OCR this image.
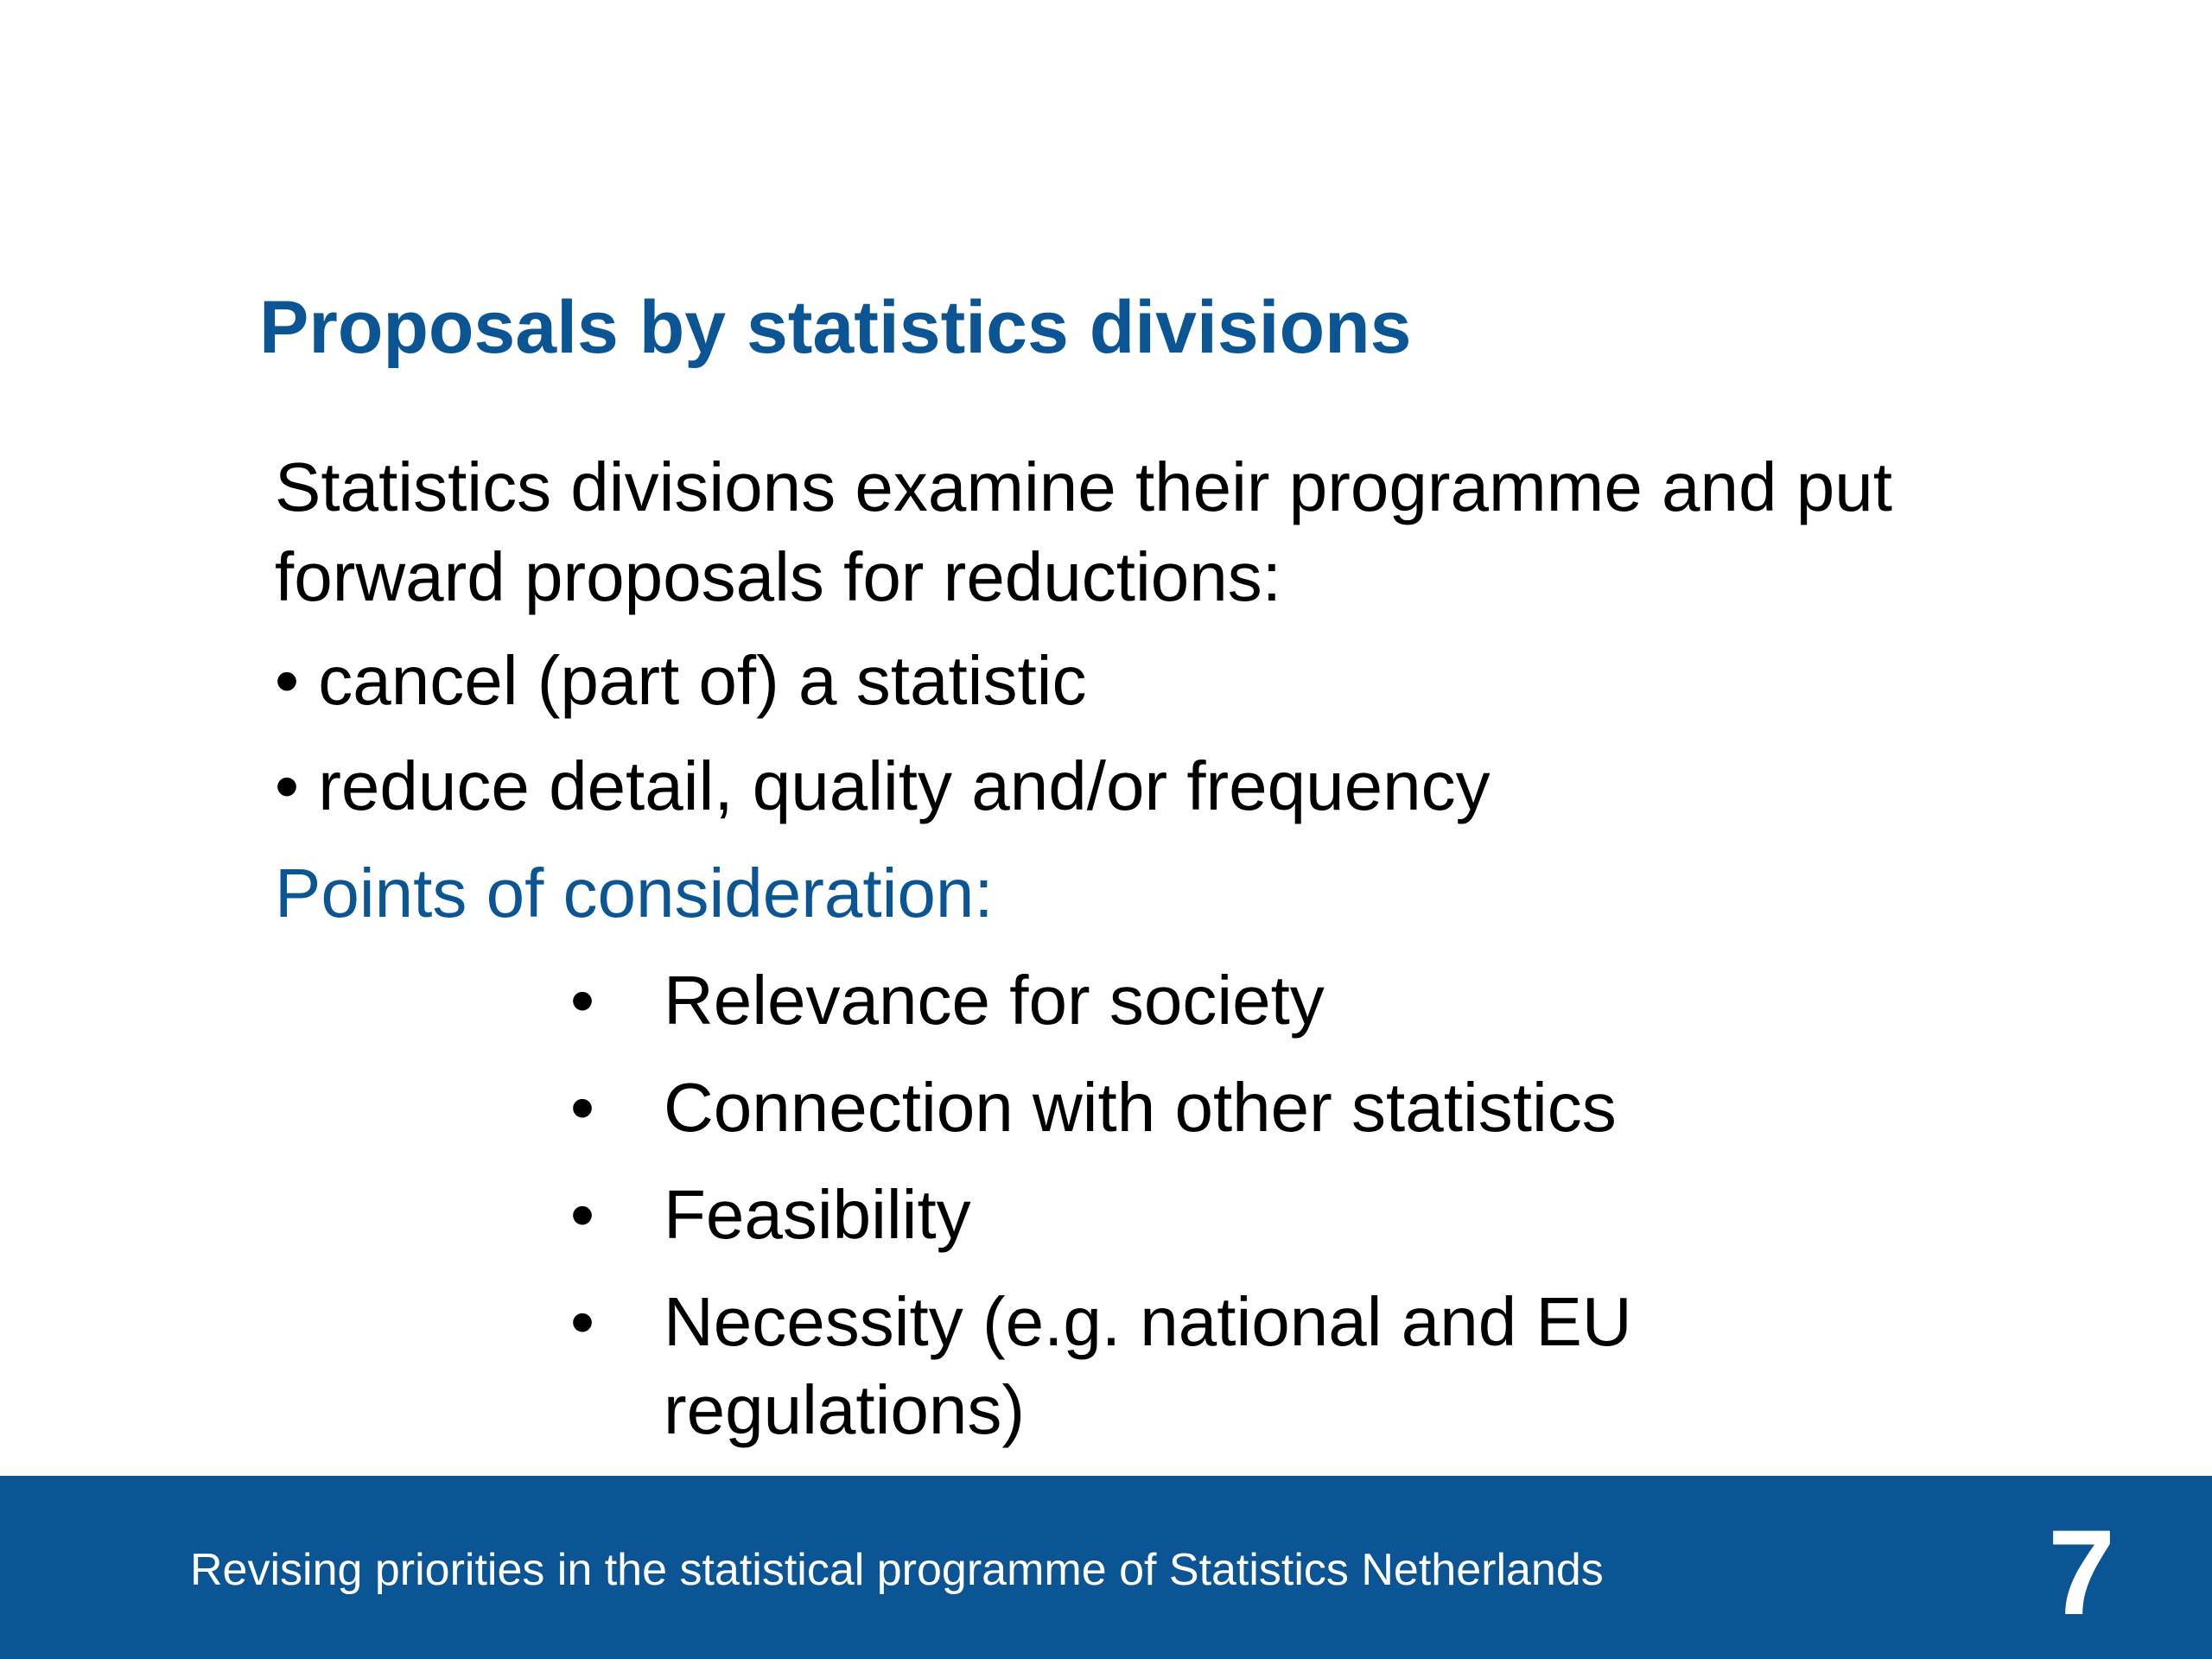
Proposals by statistics divisions
Statistics divisions examine their programme and put
forward proposals for reductions:
• cancel (part of) a statistic
• reduce detail, quality and/or frequency
Points of consideration:
• Relevance for society
• Connection with other statistics
• Feasibility
• Necessity (e.g. national and EU
regulations)
Revising priorities in the statistical programme of Statistics Netherlands	7
